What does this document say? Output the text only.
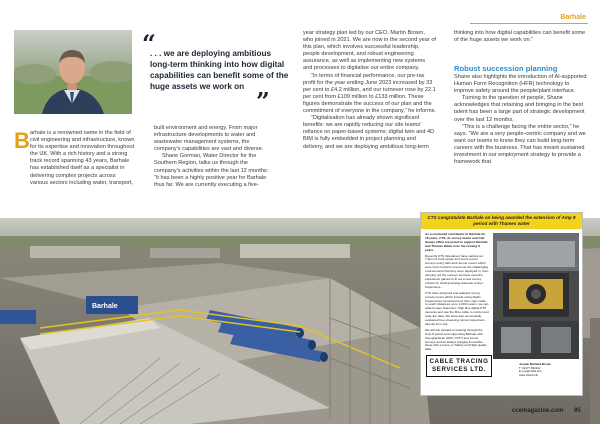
Barhale
“
. . . we are deploying ambitious long-term thinking into how digital capabilities can benefit some of the huge assets we work on
”
B arhale is a renowned name in the field of civil engineering and infrastructure, known for its expertise and innovation throughout the UK. With a rich history and a strong track record spanning 43 years, Barhale has established itself as a specialist in delivering complex projects across various sectors including water, transport,

built environment and energy. From major infrastructure developments to water and wastewater management systems, the company's capabilities are vast and diverse.

Shane Gorman, Water Director for the Southern Region, talks us through the company's activities within the last 12 months: “It has been a highly positive year for Barhale thus far. We are currently executing a five-

year strategy plan led by our CEO, Martin Brown, who joined in 2021. We are now in the second year of this plan, which involves successful leadership, people development, and robust engineering assurance, as well as implementing new systems and processes to digitalise our entire company.

“In terms of financial performance, our pre-tax profit for the year ending June 2023 increased by 33 per cent to £4.2 million, and our turnover rose by 22.1 per cent from £109 million to £133 million. These figures demonstrate the success of our plan and the commitment of everyone in the company,” he informs.

“Digitalisation has already shown significant benefits: we are rapidly reducing our site teams' reliance on paper-based systems; digital twin and 4D BIM is fully embedded in project planning and delivery, and we are deploying ambitious long-term

thinking into how digital capabilities can benefit some of the huge assets we work on.”

Robust succession planning

Shane also highlights the introduction of AI-supported Human Form Recognition (HFR) technology to improve safety around the people/plant interface.

Turning to the question of people, Shane acknowledges that retaining and bringing in the best talent has been a large part of strategic development over the last 12 months.

“This is a challenge facing the entire sector,” he says. “We are a very people-centric company and we want our teams to know they can build long-term careers with the business. That has meant sustained investment in our employment strategy to provide a framework that

Barhale
CTS congratulate Barhale on being awarded the extension of Amp 8 period with Thames water

As a continued contributor to Barhale for 15 years, CTS, its survey teams and Cad design office are proud to support Barhale and Thames Water over the coming 5 years.

Recently CTS Operatives have carried out 7.6km of trunk sewer and storm tunnel surveys using rafts and remote rovers which were both crucial to overcome the challenging environments that they were deployed in, then carrying out the surveys we have used the experience gained to fit out a new survey vehicle for shaft and large diameter tunnel inspections.

CTS have designed and adapted survey remote rovers which include using Radio Frequencies converted over fibre optic cable to reach distances up to 1,000 meters, we can attach Laser Scanners, High Res digital PTZ cameras and use the fibre cable to control and relay the data. We have also successfully evaluated free streaming tunnel inspections directly from site.

We all look forward to working through the Amp 8 period and supporting Barhale with Topographical, GPR, CCTV and tunnel surveys and as always bringing innovative ideas with a focus on Safety and High-quality data.

CABLE TRACING
SERVICES LTD.
Joseph Marland-Brown
T: 01377 822102
E: joe@ctsltd.info
www.ctsltd.info
ccemagazine.com 95
